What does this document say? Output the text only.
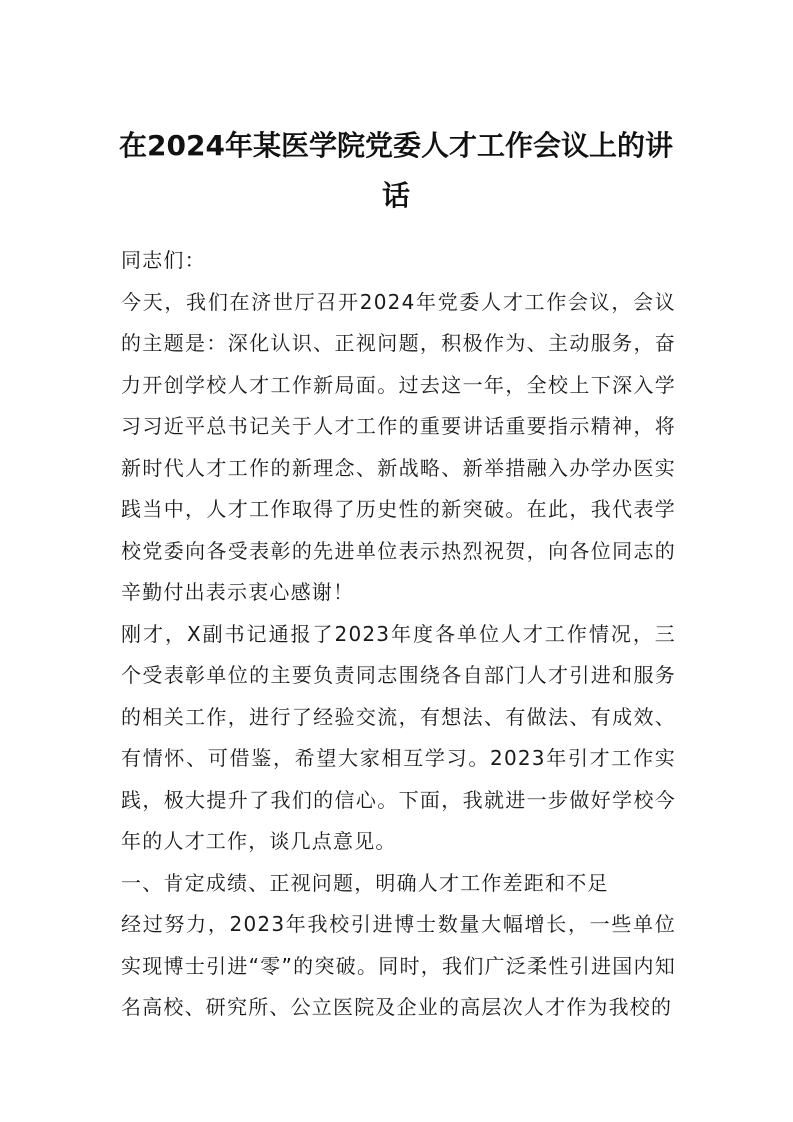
在2024年某医学院党委人才工作会议上的讲话

同志们：

今天，我们在济世厅召开2024年党委人才工作会议，会议的主题是：深化认识、正视问题，积极作为、主动服务，奋力开创学校人才工作新局面。过去这一年，全校上下深入学习习近平总书记关于人才工作的重要讲话重要指示精神，将新时代人才工作的新理念、新战略、新举措融入办学办医实践当中，人才工作取得了历史性的新突破。在此，我代表学校党委向各受表彰的先进单位表示热烈祝贺，向各位同志的辛勤付出表示衷心感谢！

刚才，X副书记通报了2023年度各单位人才工作情况，三个受表彰单位的主要负责同志围绕各自部门人才引进和服务的相关工作，进行了经验交流，有想法、有做法、有成效、有情怀、可借鉴，希望大家相互学习。2023年引才工作实践，极大提升了我们的信心。下面，我就进一步做好学校今年的人才工作，谈几点意见。

一、肯定成绩、正视问题，明确人才工作差距和不足

经过努力，2023年我校引进博士数量大幅增长，一些单位实现博士引进“零”的突破。同时，我们广泛柔性引进国内知名高校、研究所、公立医院及企业的高层次人才作为我校的
